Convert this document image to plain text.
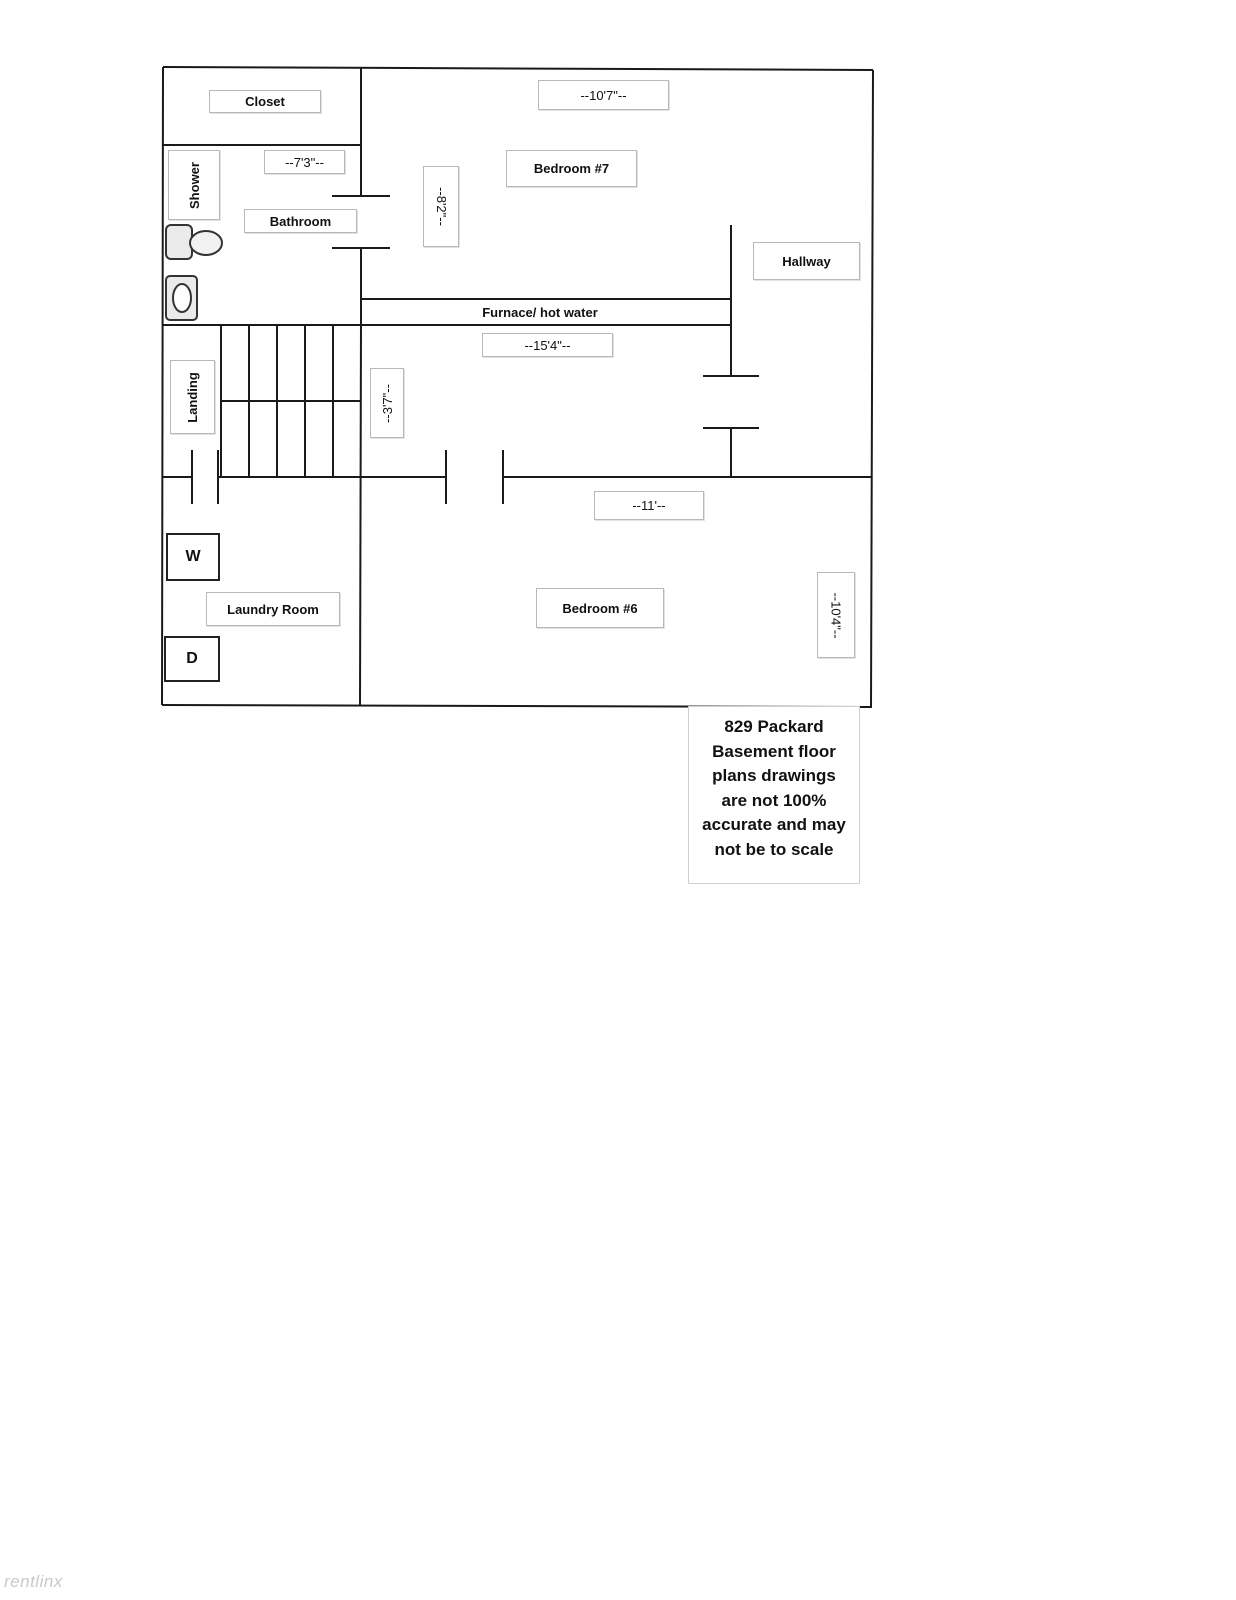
Closet
Shower
Bathroom
Bedroom #7
Hallway
Furnace/ hot water
Landing
Laundry Room	Bedroom #6
W
D
--10'7"--
--7'3"--
--8'2"--
--15'4"--
--3'7"--
--11'--
--10'4"--
829 Packard
Basement floor
plans drawings
are not 100%
accurate and may
not be to scale
rentlinx
